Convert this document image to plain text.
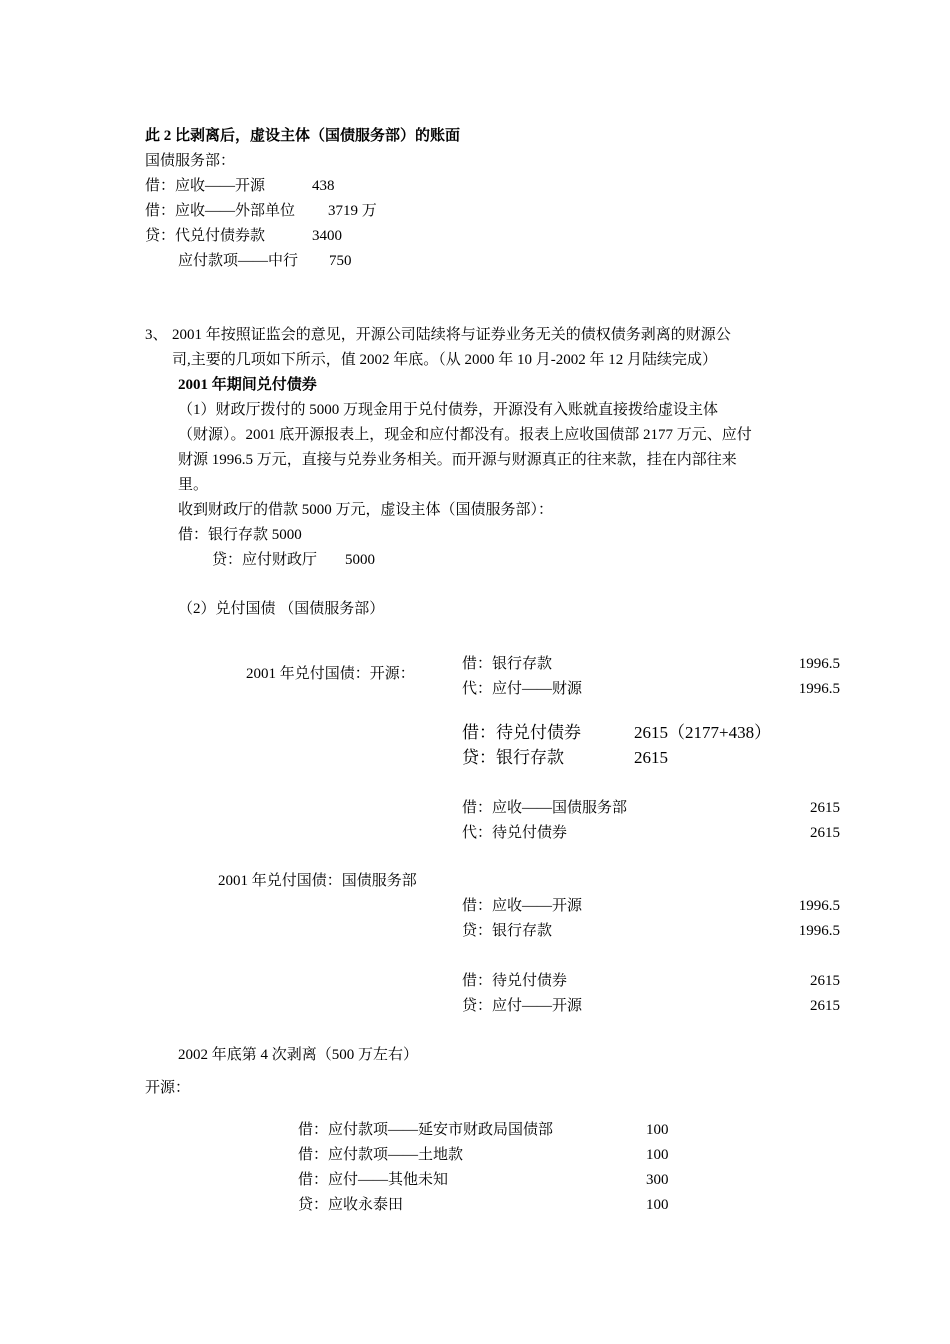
此 2 比剥离后，虚设主体（国债服务部）的账面
国债服务部：
借：应收——开源	438
借：应收——外部单位 3719 万
贷：代兑付债券款	3400
应付款项——中行 750
3、 2001 年按照证监会的意见，开源公司陆续将与证券业务无关的债权债务剥离的财源公
司,主要的几项如下所示，值 2002 年底。（从 2000 年 10 月-2002 年 12 月陆续完成）
2001 年期间兑付债券
（1）财政厅拨付的 5000 万现金用于兑付债券，开源没有入账就直接拨给虚设主体
（财源）。2001 底开源报表上，现金和应付都没有。报表上应收国债部 2177 万元、应付
财源 1996.5 万元，直接与兑券业务相关。而开源与财源真正的往来款，挂在内部往来
里。
收到财政厅的借款 5000 万元，虚设主体（国债服务部）：
借：银行存款 5000
贷：应付财政厅 5000
（2）兑付国债 （国债服务部）
2001 年兑付国债：开源：
借：银行存款	1996.5
代：应付——财源	1996.5
借：待兑付债券	2615（2177+438）
贷：银行存款	2615
借：应收——国债服务部	2615
代：待兑付债券	2615
2001 年兑付国债：国债服务部
借：应收——开源	1996.5
贷：银行存款	1996.5
借：待兑付债券	2615
贷：应付——开源	2615
2002 年底第 4 次剥离（500 万左右）
开源：
借：应付款项——延安市财政局国债部	100
借：应付款项——土地款	100
借：应付——其他未知	300
贷：应收永泰田	100
